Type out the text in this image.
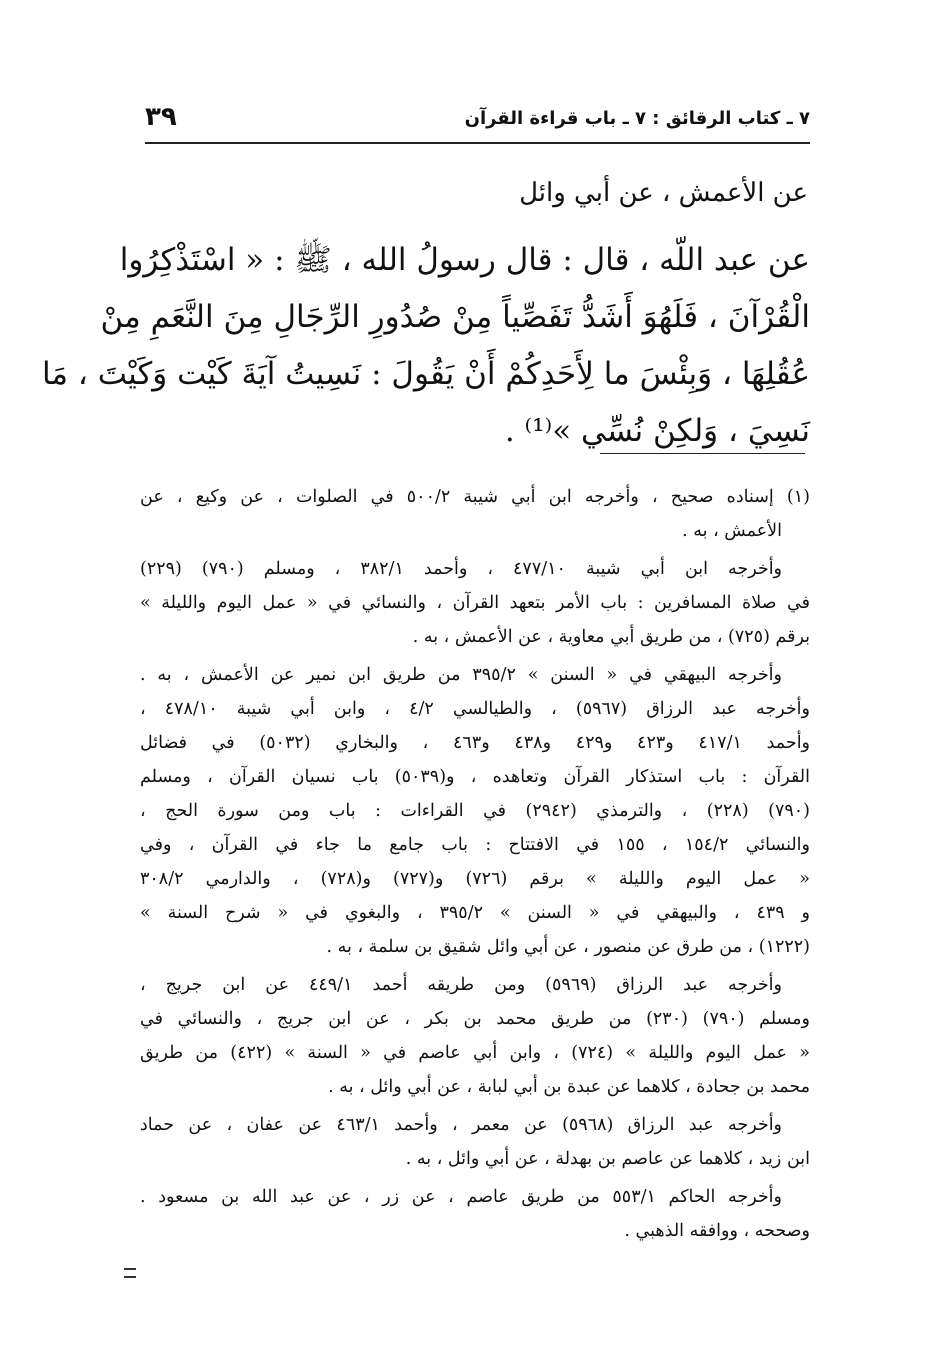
٣٩	٧ ـ كتاب الرقائق : ٧ ـ باب قراءة القرآن
عن الأعمش ، عن أبي وائل
عن عبد اللّه ، قال : قال رسولُ الله ، ﷺ : « اسْتَذْكِرُوا
الْقُرْآنَ ، فَلَهُوَ أَشَدُّ تَفَصِّياً مِنْ صُدُورِ الرِّجَالِ مِنَ النَّعَمِ مِنْ
عُقُلِهَا ، وَبِئْسَ ما لِأَحَدِكُمْ أَنْ يَقُولَ : نَسِيتُ آيَةَ كَيْت وَكَيْتَ ، مَا
نَسِيَ ، وَلكِنْ نُسِّي »⁽¹⁾ .
(١) إسناده صحيح ، وأخرجه ابن أبي شيبة ٥٠٠/٢ في الصلوات ، عن وكيع ، عن
الأعمش ، به .
وأخرجه ابن أبي شيبة ٤٧٧/١٠ ، وأحمد ٣٨٢/١ ، ومسلم (٧٩٠) (٢٢٩)
في صلاة المسافرين : باب الأمر بتعهد القرآن ، والنسائي في « عمل اليوم والليلة »
برقم (٧٢٥) ، من طريق أبي معاوية ، عن الأعمش ، به .
وأخرجه البيهقي في « السنن » ٣٩٥/٢ من طريق ابن نمير عن الأعمش ، به .
وأخرجه عبد الرزاق (٥٩٦٧) ، والطيالسي ٤/٢ ، وابن أبي شيبة ٤٧٨/١٠ ،
وأحمد ٤١٧/١ و٤٢٣ و٤٢٩ و٤٣٨ و٤٦٣ ، والبخاري (٥٠٣٢) في فضائل
القرآن : باب استذكار القرآن وتعاهده ، و(٥٠٣٩) باب نسيان القرآن ، ومسلم
(٧٩٠) (٢٢٨) ، والترمذي (٢٩٤٢) في القراءات : باب ومن سورة الحج ،
والنسائي ١٥٤/٢ ، ١٥٥ في الافتتاح : باب جامع ما جاء في القرآن ، وفي
« عمل اليوم والليلة » برقم (٧٢٦) و(٧٢٧) و(٧٢٨) ، والدارمي ٣٠٨/٢
و ٤٣٩ ، والبيهقي في « السنن » ٣٩٥/٢ ، والبغوي في « شرح السنة »
(١٢٢٢) ، من طرق عن منصور ، عن أبي وائل شقيق بن سلمة ، به .
وأخرجه عبد الرزاق (٥٩٦٩) ومن طريقه أحمد ٤٤٩/١ عن ابن جريج ،
ومسلم (٧٩٠) (٢٣٠) من طريق محمد بن بكر ، عن ابن جريج ، والنسائي في
« عمل اليوم والليلة » (٧٢٤) ، وابن أبي عاصم في « السنة » (٤٢٢) من طريق
محمد بن جحادة ، كلاهما عن عبدة بن أبي لبابة ، عن أبي وائل ، به .
وأخرجه عبد الرزاق (٥٩٦٨) عن معمر ، وأحمد ٤٦٣/١ عن عفان ، عن حماد
ابن زيد ، كلاهما عن عاصم بن بهدلة ، عن أبي وائل ، به .
وأخرجه الحاكم ٥٥٣/١ من طريق عاصم ، عن زر ، عن عبد الله بن مسعود .
وصححه ، ووافقه الذهبي .
